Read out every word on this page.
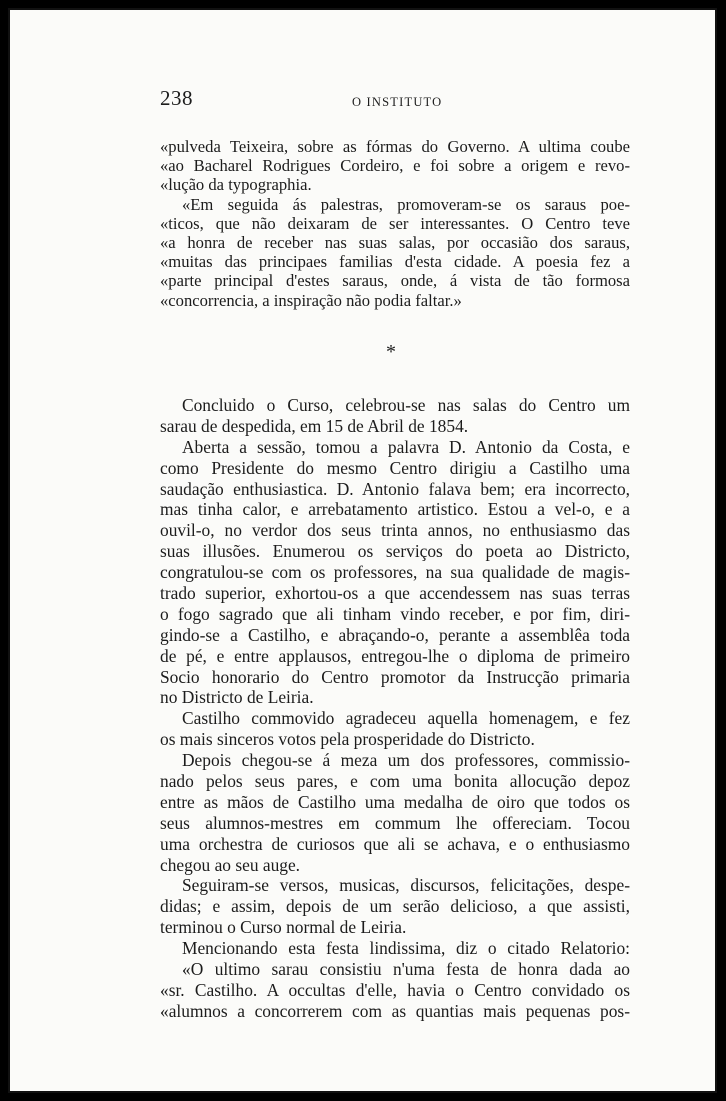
238	O INSTITUTO
«pulveda Teixeira, sobre as fórmas do Governo. A ultima coube
«ao Bacharel Rodrigues Cordeiro, e foi sobre a origem e revo-
«lução da typographia.
«Em seguida ás palestras, promoveram-se os saraus poe-
«ticos, que não deixaram de ser interessantes. O Centro teve
«a honra de receber nas suas salas, por occasião dos saraus,
«muitas das principaes familias d'esta cidade. A poesia fez a
«parte principal d'estes saraus, onde, á vista de tão formosa
«concorrencia, a inspiração não podia faltar.»
*
Concluido o Curso, celebrou-se nas salas do Centro um
sarau de despedida, em 15 de Abril de 1854.
Aberta a sessão, tomou a palavra D. Antonio da Costa, e
como Presidente do mesmo Centro dirigiu a Castilho uma
saudação enthusiastica. D. Antonio falava bem; era incorrecto,
mas tinha calor, e arrebatamento artistico. Estou a vel-o, e a
ouvil-o, no verdor dos seus trinta annos, no enthusiasmo das
suas illusões. Enumerou os serviços do poeta ao Districto,
congratulou-se com os professores, na sua qualidade de magis-
trado superior, exhortou-os a que accendessem nas suas terras
o fogo sagrado que ali tinham vindo receber, e por fim, diri-
gindo-se a Castilho, e abraçando-o, perante a assemblêa toda
de pé, e entre applausos, entregou-lhe o diploma de primeiro
Socio honorario do Centro promotor da Instrucção primaria
no Districto de Leiria.
Castilho commovido agradeceu aquella homenagem, e fez
os mais sinceros votos pela prosperidade do Districto.
Depois chegou-se á meza um dos professores, commissio-
nado pelos seus pares, e com uma bonita allocução depoz
entre as mãos de Castilho uma medalha de oiro que todos os
seus alumnos-mestres em commum lhe offereciam. Tocou
uma orchestra de curiosos que ali se achava, e o enthusiasmo
chegou ao seu auge.
Seguiram-se versos, musicas, discursos, felicitações, despe-
didas; e assim, depois de um serão delicioso, a que assisti,
terminou o Curso normal de Leiria.
Mencionando esta festa lindissima, diz o citado Relatorio:
«O ultimo sarau consistiu n'uma festa de honra dada ao
«sr. Castilho. A occultas d'elle, havia o Centro convidado os
«alumnos a concorrerem com as quantias mais pequenas pos-
